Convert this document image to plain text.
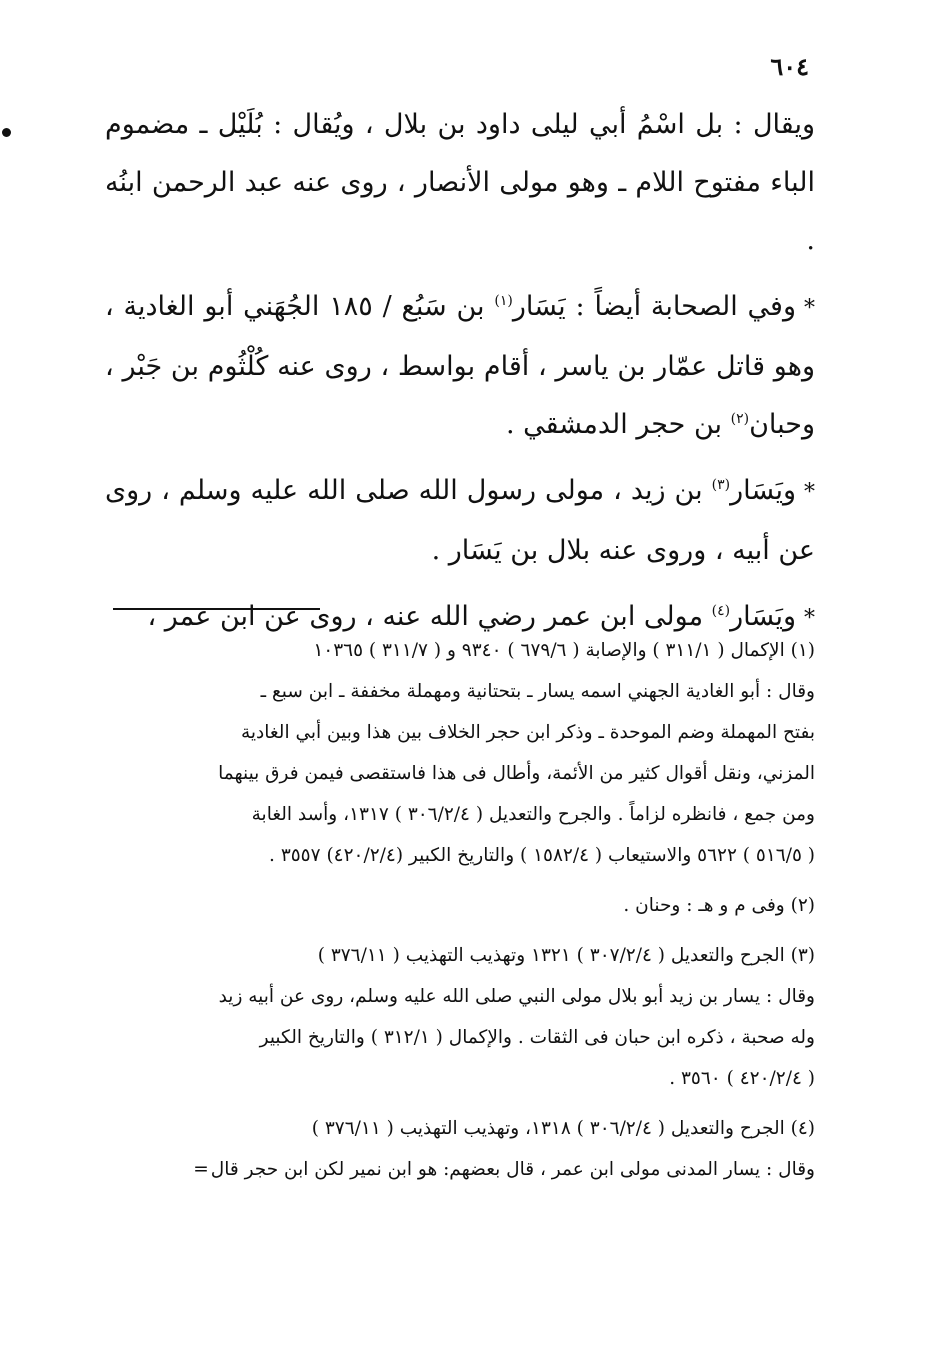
٦٠٤

ويقال : بل اسْمُ أبي ليلى داود بن بلال ، ويُقال : بُلَيْل ـ مضموم الباء مفتوح اللام ـ وهو مولى الأنصار ، روى عنه عبد الرحمن ابنُه .

*وفي الصحابة أيضاً : يَسَار$^{(١)}$ بن سَبُع / ١٨٥ الجُهَني أبو الغادية ، وهو قاتل عمّار بن ياسر ، أقام بواسط ، روى عنه كُلْثُوم بن جَبْر ، وحبان$^{(٢)}$ بن حجر الدمشقي .

*ويَسَار$^{(٣)}$ بن زيد ، مولى رسول الله صلى الله عليه وسلم ، روى عن أبيه ، وروى عنه بلال بن يَسَار .

*ويَسَار$^{(٤)}$ مولى ابن عمر رضي الله عنه ، روى عن ابن عمر ،

(١) الإكمال ( ٣١١/١ ) والإصابة ( ٦٧٩/٦ ) ٩٣٤٠ و ( ٣١١/٧ ) ١٠٣٦٥
وقال : أبو الغادية الجهني اسمه يسار ـ بتحتانية ومهملة مخففة ـ ابن سبع ـ
بفتح المهملة وضم الموحدة ـ وذكر ابن حجر الخلاف بين هذا وبين أبي الغادية
المزني، ونقل أقوال كثير من الأئمة، وأطال فى هذا فاستقصى فيمن فرق بينهما
ومن جمع ، فانظره لزاماً . والجرح والتعديل ( ٣٠٦/٢/٤ ) ١٣١٧، وأسد الغابة
( ٥١٦/٥ ) ٥٦٢٢ والاستيعاب ( ١٥٨٢/٤ ) والتاريخ الكبير (٤٢٠/٢/٤) ٣٥٥٧ .

(٢) وفى م و هـ : وحنان .

(٣) الجرح والتعديل ( ٣٠٧/٢/٤ ) ١٣٢١ وتهذيب التهذيب ( ٣٧٦/١١ )
وقال : يسار بن زيد أبو بلال مولى النبي صلى الله عليه وسلم، روى عن أبيه زيد
وله صحبة ، ذكره ابن حبان فى الثقات . والإكمال ( ٣١٢/١ ) والتاريخ الكبير
( ٤٢٠/٢/٤ ) ٣٥٦٠ .

(٤) الجرح والتعديل ( ٣٠٦/٢/٤ ) ١٣١٨، وتهذيب التهذيب ( ٣٧٦/١١ )
وقال : يسار المدنى مولى ابن عمر ، قال بعضهم: هو ابن نمير لكن ابن حجر قال=
